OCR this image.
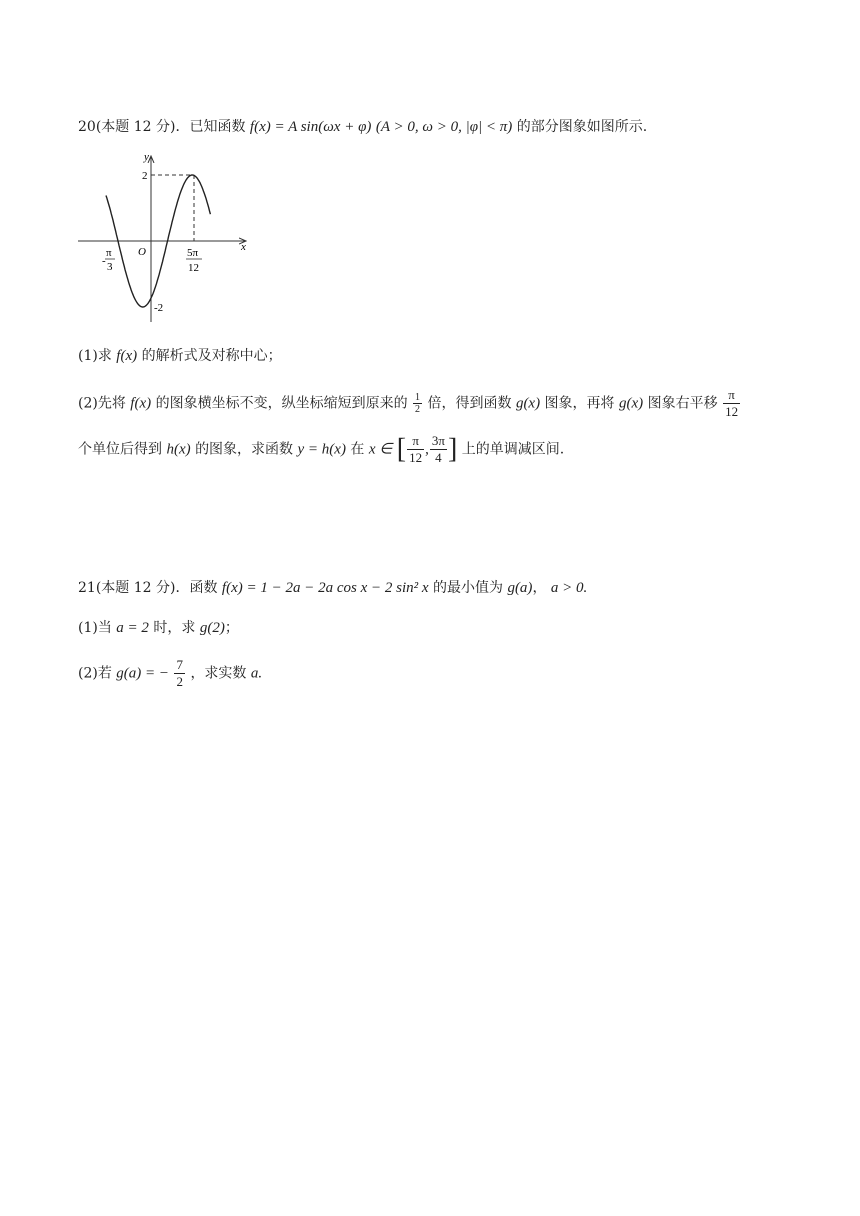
20(本题 12 分)．已知函数 f(x) = A sin(ωx + φ) (A > 0, ω > 0, |φ| < π) 的部分图象如图所示.
y
x
O
2
-2
-
π
3
5π
12
(1)求 f(x) 的解析式及对称中心；
(2)先将 f(x) 的图象横坐标不变，纵坐标缩短到原来的 $\frac{1}{2}$ 倍，得到函数 g(x) 图象，再将 g(x) 图象右平移 $\frac{\pi}{12}$
个单位后得到 h(x) 的图象，求函数 y = h(x) 在 x ∈ [ $\frac{\pi}{12}$ , $\frac{3\pi}{4}$ ] 上的单调减区间.
21(本题 12 分)．函数 f(x) = 1 − 2a − 2a cos x − 2 sin² x 的最小值为 g(a)， a > 0.
(1)当 a = 2 时，求 g(2)；
(2)若 g(a) = − $\frac{7}{2}$ ，求实数 a.
